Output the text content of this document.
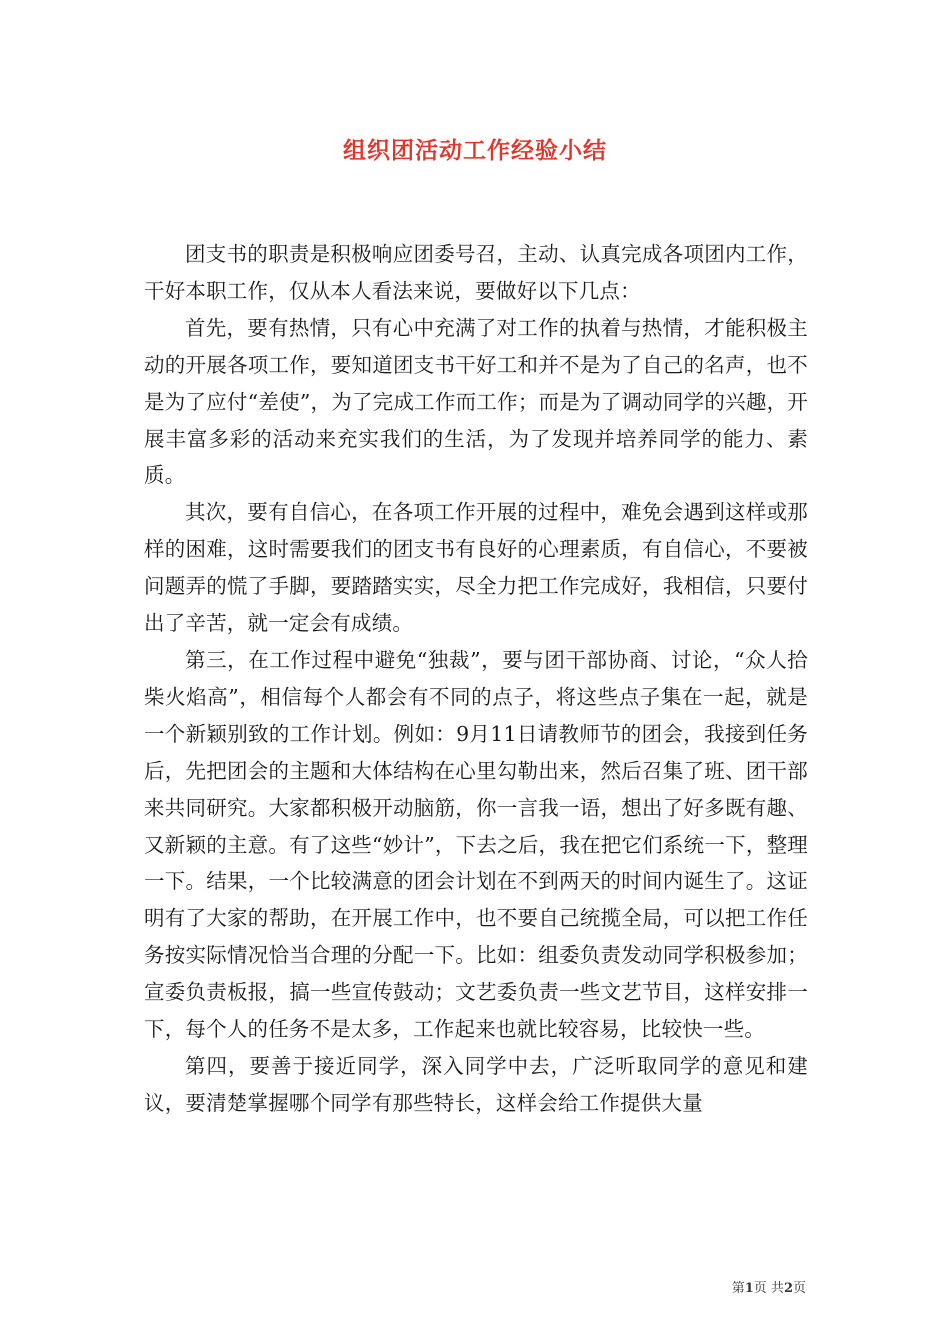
组织团活动工作经验小结

团支书的职责是积极响应团委号召，主动、认真完成各项团内工作，干好本职工作，仅从本人看法来说，要做好以下几点：

首先，要有热情，只有心中充满了对工作的执着与热情，才能积极主动的开展各项工作，要知道团支书干好工和并不是为了自己的名声，也不是为了应付“差使”，为了完成工作而工作；而是为了调动同学的兴趣，开展丰富多彩的活动来充实我们的生活，为了发现并培养同学的能力、素质。

其次，要有自信心，在各项工作开展的过程中，难免会遇到这样或那样的困难，这时需要我们的团支书有良好的心理素质，有自信心，不要被问题弄的慌了手脚，要踏踏实实，尽全力把工作完成好，我相信，只要付出了辛苦，就一定会有成绩。

第三，在工作过程中避免“独裁”，要与团干部协商、讨论，“众人拾柴火焰高”，相信每个人都会有不同的点子，将这些点子集在一起，就是一个新颖别致的工作计划。例如：9月11日请教师节的团会，我接到任务后，先把团会的主题和大体结构在心里勾勒出来，然后召集了班、团干部来共同研究。大家都积极开动脑筋，你一言我一语，想出了好多既有趣、又新颖的主意。有了这些“妙计”，下去之后，我在把它们系统一下，整理一下。结果，一个比较满意的团会计划在不到两天的时间内诞生了。这证明有了大家的帮助，在开展工作中，也不要自己统揽全局，可以把工作任务按实际情况恰当合理的分配一下。比如：组委负责发动同学积极参加；宣委负责板报，搞一些宣传鼓动；文艺委负责一些文艺节目，这样安排一下，每个人的任务不是太多，工作起来也就比较容易，比较快一些。

第四，要善于接近同学，深入同学中去，广泛听取同学的意见和建议，要清楚掌握哪个同学有那些特长，这样会给工作提供大量

第1页 共2页
